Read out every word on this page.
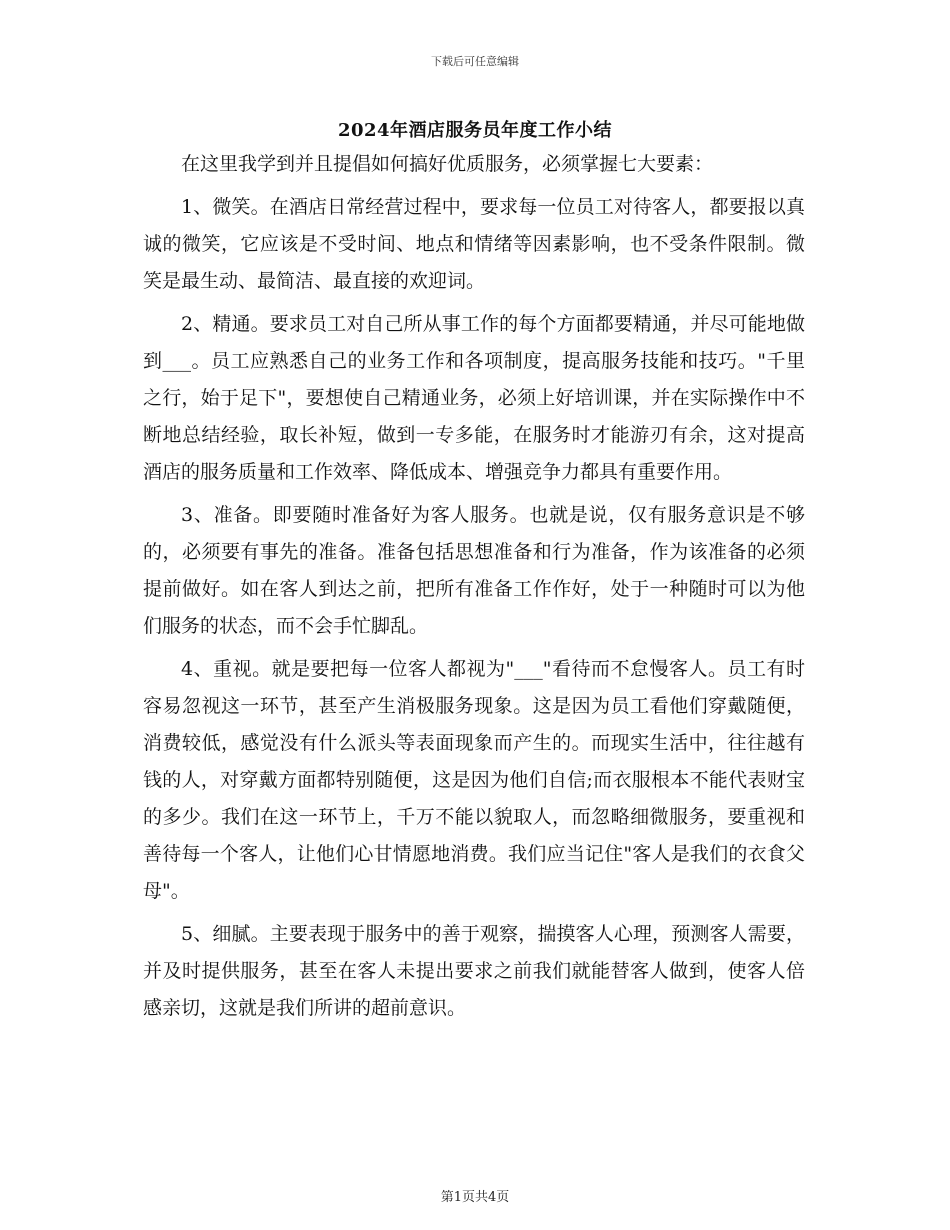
下载后可任意编辑
2024年酒店服务员年度工作小结

在这里我学到并且提倡如何搞好优质服务，必须掌握七大要素：

1、微笑。在酒店日常经营过程中，要求每一位员工对待客人，都要报以真诚的微笑，它应该是不受时间、地点和情绪等因素影响，也不受条件限制。微笑是最生动、最简洁、最直接的欢迎词。

2、精通。要求员工对自己所从事工作的每个方面都要精通，并尽可能地做到___。员工应熟悉自己的业务工作和各项制度，提高服务技能和技巧。"千里之行，始于足下"，要想使自己精通业务，必须上好培训课，并在实际操作中不断地总结经验，取长补短，做到一专多能，在服务时才能游刃有余，这对提高酒店的服务质量和工作效率、降低成本、增强竞争力都具有重要作用。

3、准备。即要随时准备好为客人服务。也就是说，仅有服务意识是不够的，必须要有事先的准备。准备包括思想准备和行为准备，作为该准备的必须提前做好。如在客人到达之前，把所有准备工作作好，处于一种随时可以为他们服务的状态，而不会手忙脚乱。

4、重视。就是要把每一位客人都视为"___"看待而不怠慢客人。员工有时容易忽视这一环节，甚至产生消极服务现象。这是因为员工看他们穿戴随便，消费较低，感觉没有什么派头等表面现象而产生的。而现实生活中，往往越有钱的人，对穿戴方面都特别随便，这是因为他们自信;而衣服根本不能代表财宝的多少。我们在这一环节上，千万不能以貌取人，而忽略细微服务，要重视和善待每一个客人，让他们心甘情愿地消费。我们应当记住"客人是我们的衣食父母"。

5、细腻。主要表现于服务中的善于观察，揣摸客人心理，预测客人需要，并及时提供服务，甚至在客人未提出要求之前我们就能替客人做到，使客人倍感亲切，这就是我们所讲的超前意识。

第1页共4页
